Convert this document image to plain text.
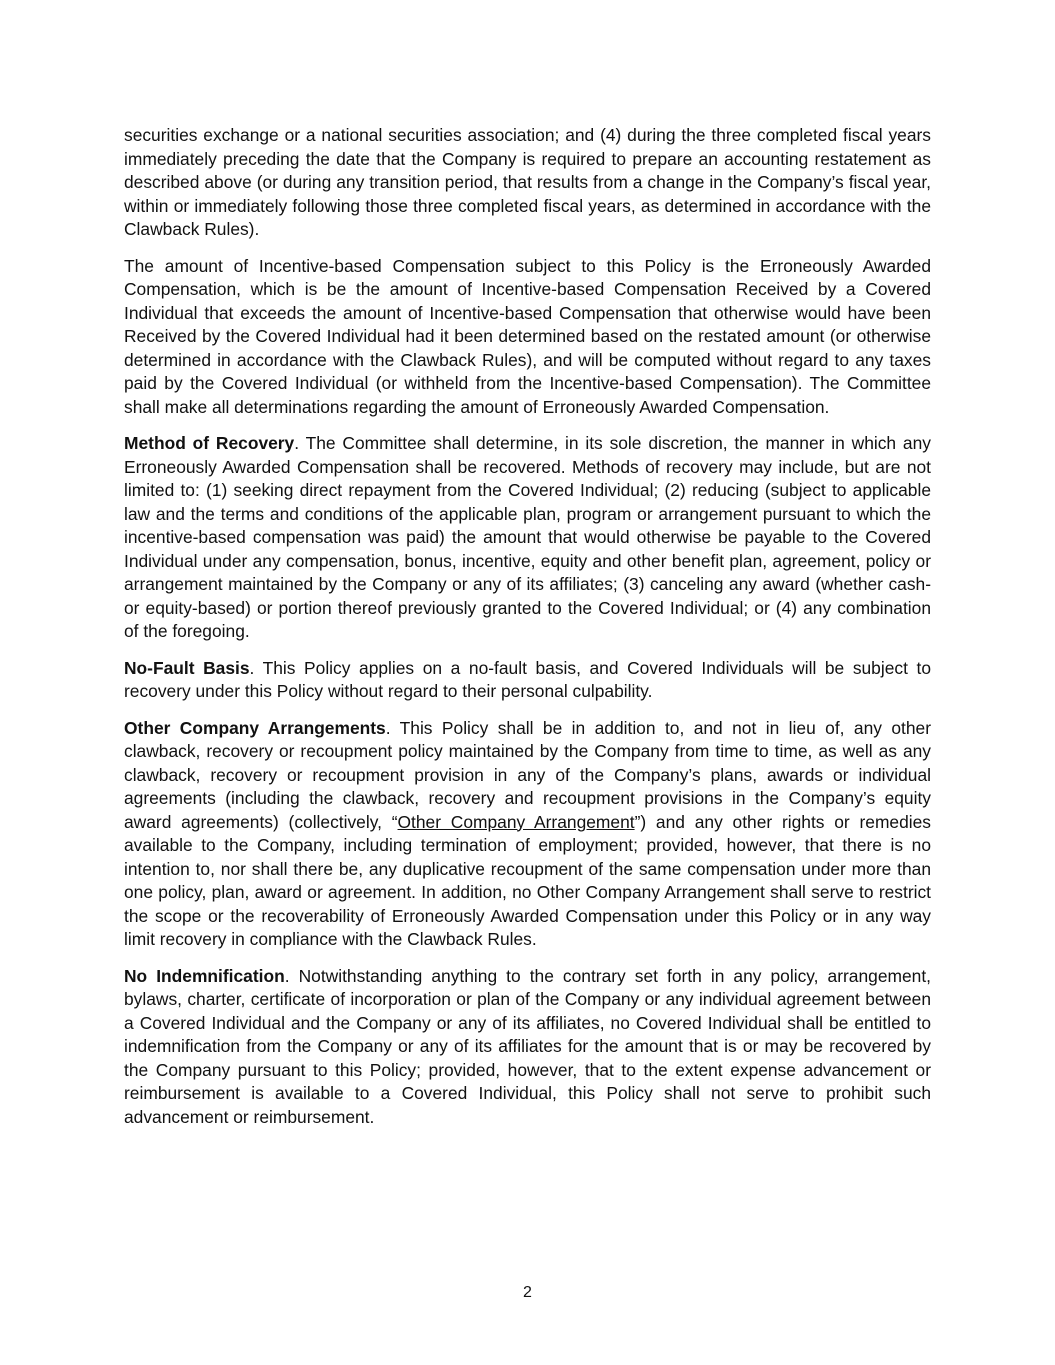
securities exchange or a national securities association; and (4) during the three completed fiscal years immediately preceding the date that the Company is required to prepare an accounting restatement as described above (or during any transition period, that results from a change in the Company’s fiscal year, within or immediately following those three completed fiscal years, as determined in accordance with the Clawback Rules).

The amount of Incentive-based Compensation subject to this Policy is the Erroneously Awarded Compensation, which is be the amount of Incentive-based Compensation Received by a Covered Individual that exceeds the amount of Incentive-based Compensation that otherwise would have been Received by the Covered Individual had it been determined based on the restated amount (or otherwise determined in accordance with the Clawback Rules), and will be computed without regard to any taxes paid by the Covered Individual (or withheld from the Incentive-based Compensation). The Committee shall make all determinations regarding the amount of Erroneously Awarded Compensation.

Method of Recovery. The Committee shall determine, in its sole discretion, the manner in which any Erroneously Awarded Compensation shall be recovered. Methods of recovery may include, but are not limited to: (1) seeking direct repayment from the Covered Individual; (2) reducing (subject to applicable law and the terms and conditions of the applicable plan, program or arrangement pursuant to which the incentive-based compensation was paid) the amount that would otherwise be payable to the Covered Individual under any compensation, bonus, incentive, equity and other benefit plan, agreement, policy or arrangement maintained by the Company or any of its affiliates; (3) canceling any award (whether cash- or equity-based) or portion thereof previously granted to the Covered Individual; or (4) any combination of the foregoing.

No-Fault Basis. This Policy applies on a no-fault basis, and Covered Individuals will be subject to recovery under this Policy without regard to their personal culpability.

Other Company Arrangements. This Policy shall be in addition to, and not in lieu of, any other clawback, recovery or recoupment policy maintained by the Company from time to time, as well as any clawback, recovery or recoupment provision in any of the Company’s plans, awards or individual agreements (including the clawback, recovery and recoupment provisions in the Company’s equity award agreements) (collectively, “Other Company Arrangement”) and any other rights or remedies available to the Company, including termination of employment; provided, however, that there is no intention to, nor shall there be, any duplicative recoupment of the same compensation under more than one policy, plan, award or agreement. In addition, no Other Company Arrangement shall serve to restrict the scope or the recoverability of Erroneously Awarded Compensation under this Policy or in any way limit recovery in compliance with the Clawback Rules.

No Indemnification. Notwithstanding anything to the contrary set forth in any policy, arrangement, bylaws, charter, certificate of incorporation or plan of the Company or any individual agreement between a Covered Individual and the Company or any of its affiliates, no Covered Individual shall be entitled to indemnification from the Company or any of its affiliates for the amount that is or may be recovered by the Company pursuant to this Policy; provided, however, that to the extent expense advancement or reimbursement is available to a Covered Individual, this Policy shall not serve to prohibit such advancement or reimbursement.

2
